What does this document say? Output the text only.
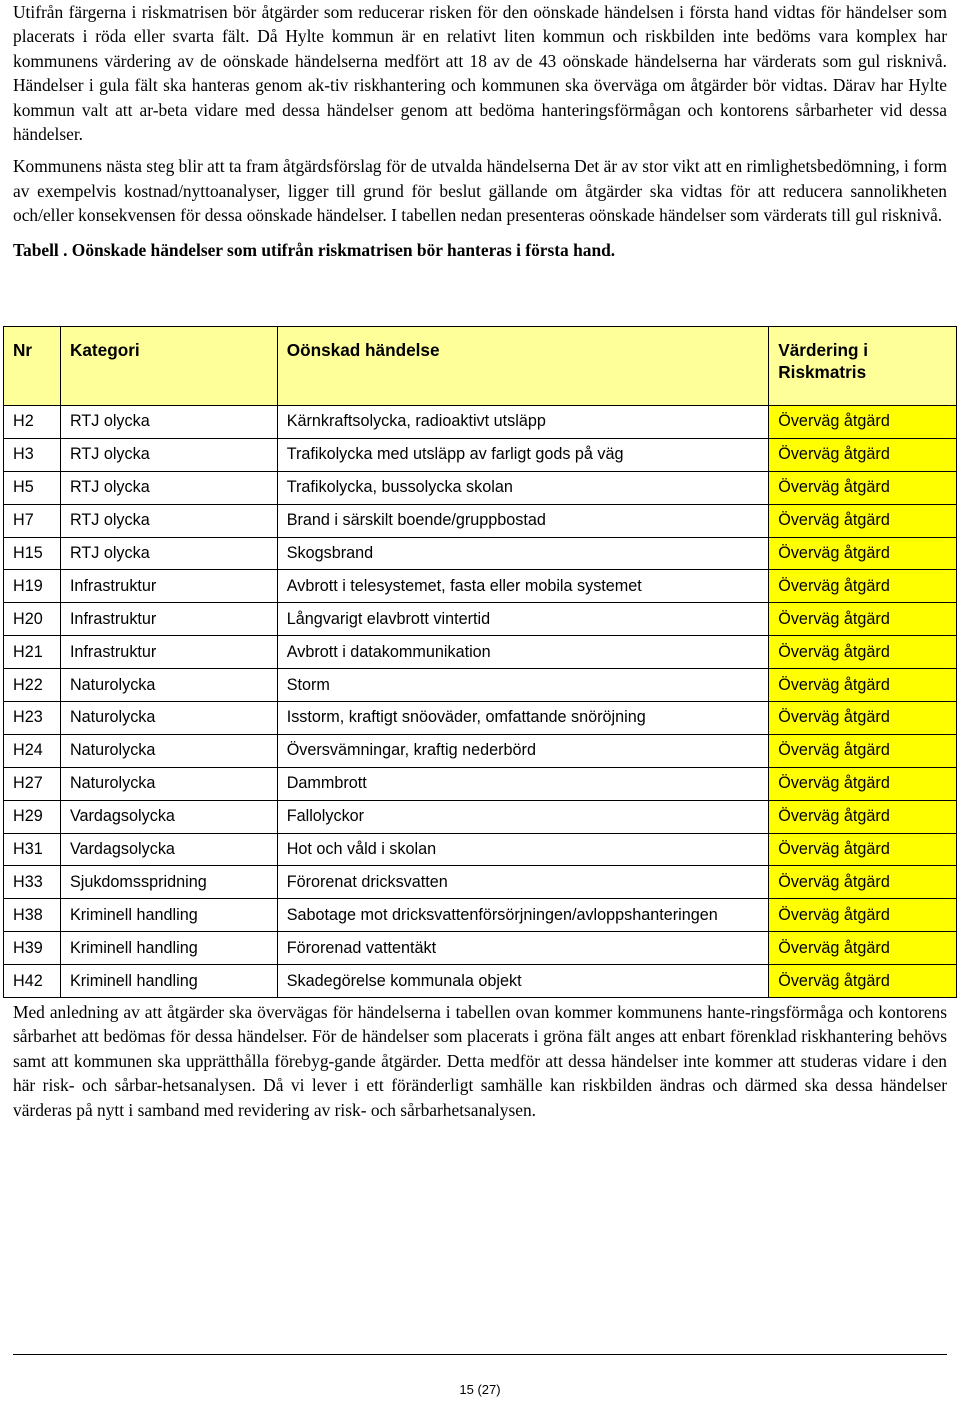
Utifrån färgerna i riskmatrisen bör åtgärder som reducerar risken för den oönskade händelsen i första hand vidtas för händelser som placerats i röda eller svarta fält. Då Hylte kommun är en relativt liten kommun och riskbilden inte bedöms vara komplex har kommunens värdering av de oönskade händelserna medfört att 18 av de 43 oönskade händelserna har värderats som gul risknivå. Händelser i gula fält ska hanteras genom ak-tiv riskhantering och kommunen ska överväga om åtgärder bör vidtas. Därav har Hylte kommun valt att ar-beta vidare med dessa händelser genom att bedöma hanteringsförmågan och kontorens sårbarheter vid dessa händelser.

Kommunens nästa steg blir att ta fram åtgärdsförslag för de utvalda händelserna Det är av stor vikt att en rimlighetsbedömning, i form av exempelvis kostnad/nyttoanalyser, ligger till grund för beslut gällande om åtgärder ska vidtas för att reducera sannolikheten och/eller konsekvensen för dessa oönskade händelser. I tabellen nedan presenteras oönskade händelser som värderats till gul risknivå.

Tabell . Oönskade händelser som utifrån riskmatrisen bör hanteras i första hand.
Nr	Kategori	Oönskad händelse	Värdering i Riskmatris
H2	RTJ olycka	Kärnkraftsolycka, radioaktivt utsläpp	Överväg åtgärd
H3	RTJ olycka	Trafikolycka med utsläpp av farligt gods på väg	Överväg åtgärd
H5	RTJ olycka	Trafikolycka, bussolycka skolan	Överväg åtgärd
H7	RTJ olycka	Brand i särskilt boende/gruppbostad	Överväg åtgärd
H15	RTJ olycka	Skogsbrand	Överväg åtgärd
H19	Infrastruktur	Avbrott i telesystemet, fasta eller mobila systemet	Överväg åtgärd
H20	Infrastruktur	Långvarigt elavbrott vintertid	Överväg åtgärd
H21	Infrastruktur	Avbrott i datakommunikation	Överväg åtgärd
H22	Naturolycka	Storm	Överväg åtgärd
H23	Naturolycka	Isstorm, kraftigt snöoväder, omfattande snöröjning	Överväg åtgärd
H24	Naturolycka	Översvämningar, kraftig nederbörd	Överväg åtgärd
H27	Naturolycka	Dammbrott	Överväg åtgärd
H29	Vardagsolycka	Fallolyckor	Överväg åtgärd
H31	Vardagsolycka	Hot och våld i skolan	Överväg åtgärd
H33	Sjukdomsspridning	Förorenat dricksvatten	Överväg åtgärd
H38	Kriminell handling	Sabotage mot dricksvattenförsörjningen/avloppshanteringen	Överväg åtgärd
H39	Kriminell handling	Förorenad vattentäkt	Överväg åtgärd
H42	Kriminell handling	Skadegörelse kommunala objekt	Överväg åtgärd

Med anledning av att åtgärder ska övervägas för händelserna i tabellen ovan kommer kommunens hante-ringsförmåga och kontorens sårbarhet att bedömas för dessa händelser. För de händelser som placerats i gröna fält anges att enbart förenklad riskhantering behövs samt att kommunen ska upprätthålla förebyg-gande åtgärder. Detta medför att dessa händelser inte kommer att studeras vidare i den här risk- och sårbar-hetsanalysen. Då vi lever i ett föränderligt samhälle kan riskbilden ändras och därmed ska dessa händelser värderas på nytt i samband med revidering av risk- och sårbarhetsanalysen.

15 (27)
